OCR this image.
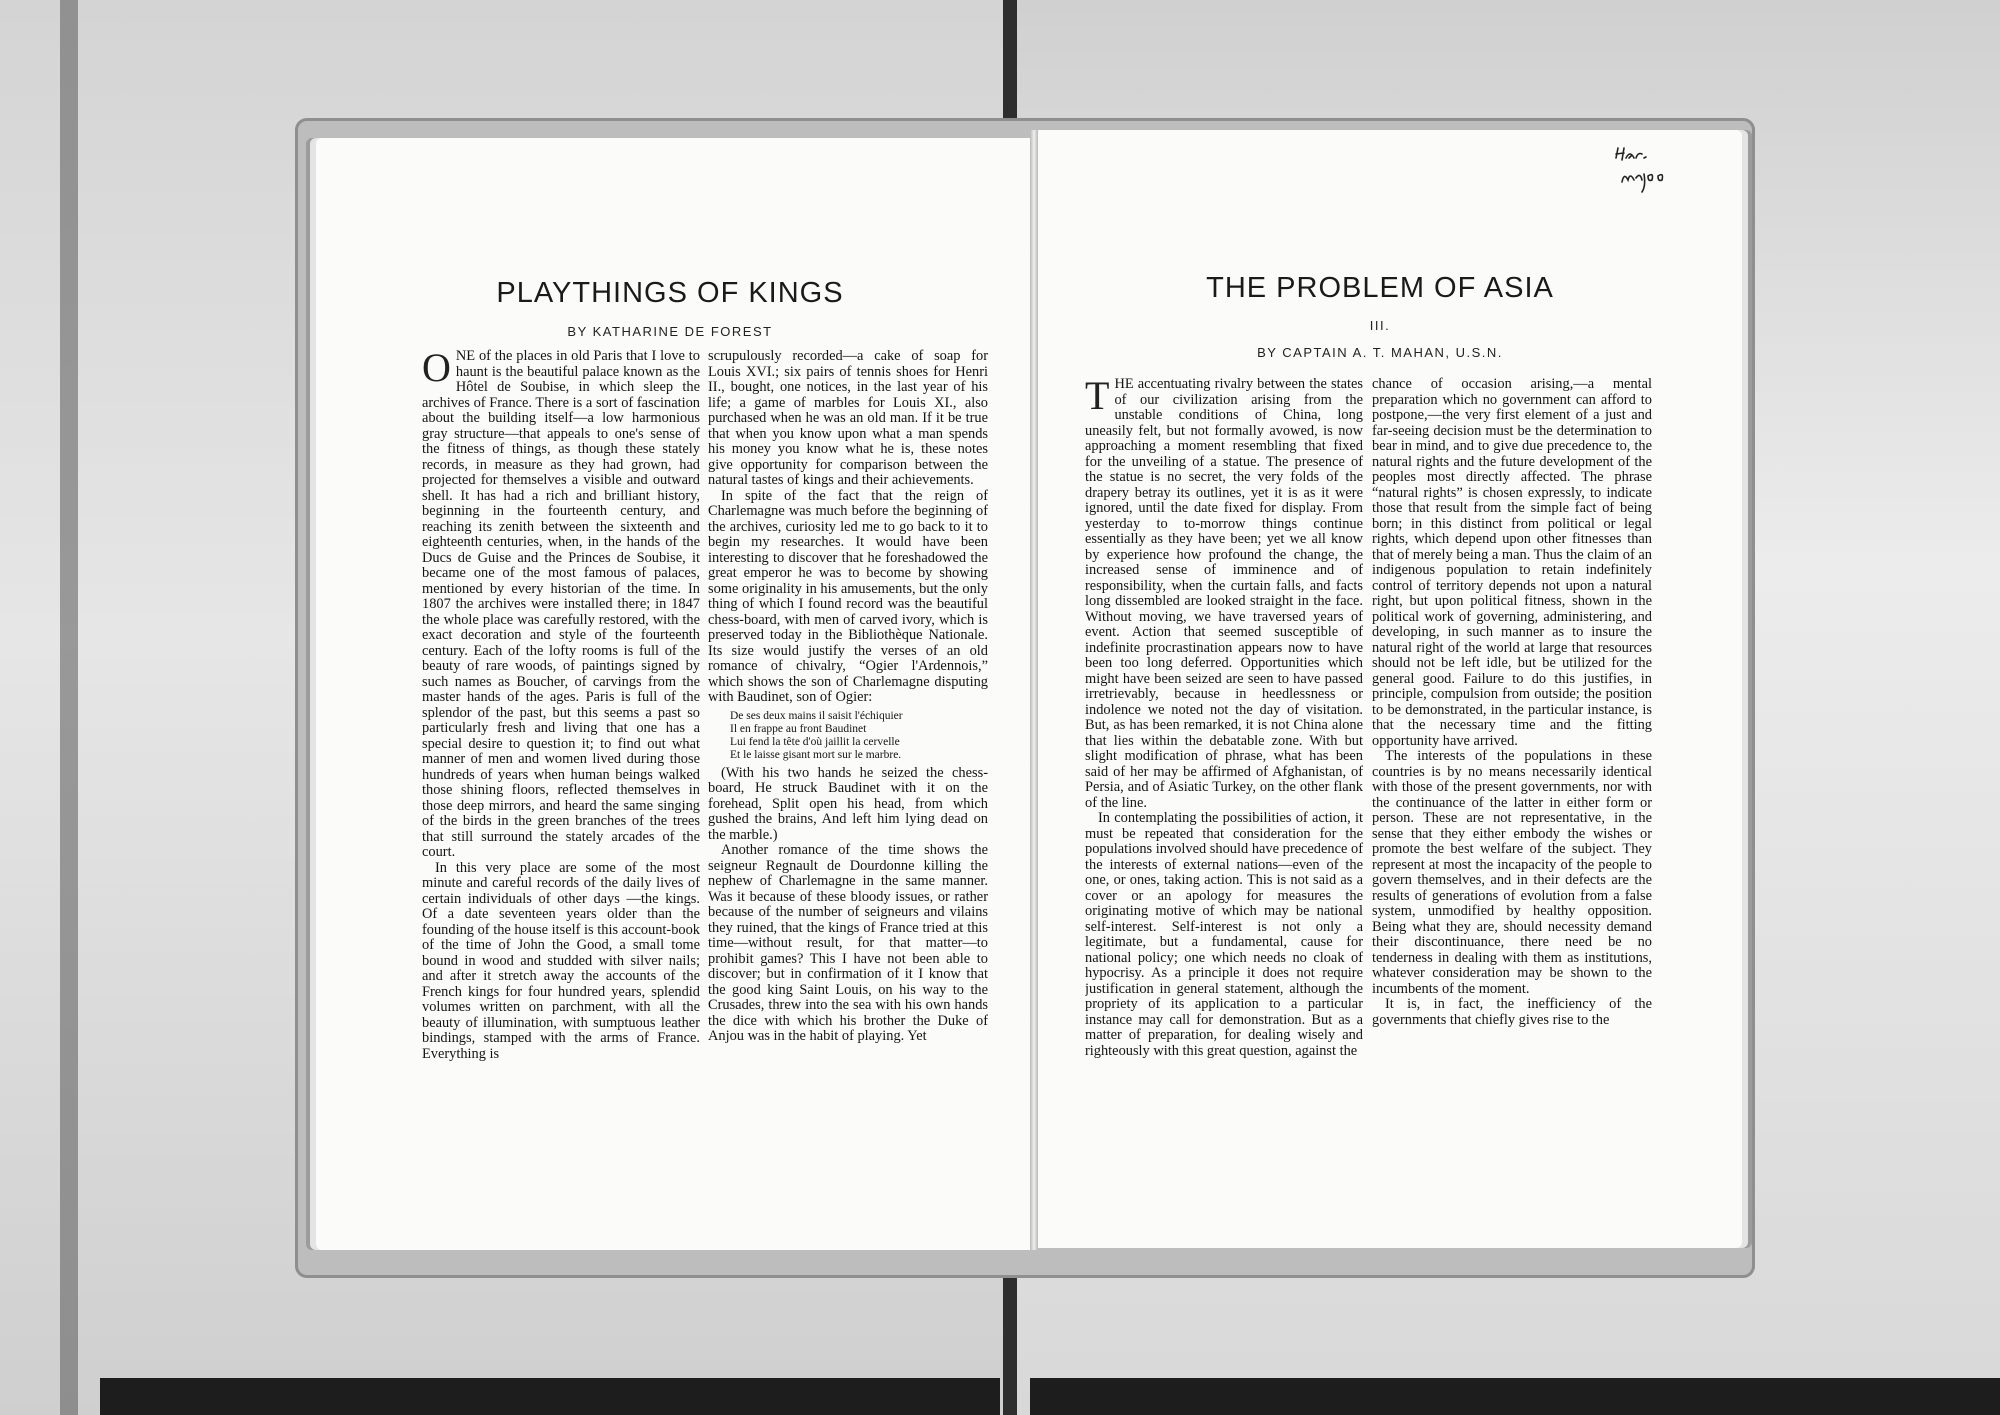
PLAYTHINGS OF KINGS
BY KATHARINE DE FOREST

ONE of the places in old Paris that I love to haunt is the beautiful palace known as the Hôtel de Soubise, in which sleep the archives of France. There is a sort of fascination about the building itself—a low harmonious gray structure—that appeals to one's sense of the fitness of things, as though these stately records, in measure as they had grown, had projected for themselves a visible and outward shell. It has had a rich and brilliant history, beginning in the fourteenth century, and reaching its zenith between the sixteenth and eighteenth centuries, when, in the hands of the Ducs de Guise and the Princes de Soubise, it became one of the most famous of palaces, mentioned by every historian of the time. In 1807 the archives were installed there; in 1847 the whole place was carefully restored, with the exact decoration and style of the fourteenth century. Each of the lofty rooms is full of the beauty of rare woods, of paintings signed by such names as Boucher, of carvings from the master hands of the ages. Paris is full of the splendor of the past, but this seems a past so particularly fresh and living that one has a special desire to question it; to find out what manner of men and women lived during those hundreds of years when human beings walked those shining floors, reflected themselves in those deep mirrors, and heard the same singing of the birds in the green branches of the trees that still surround the stately arcades of the court.

In this very place are some of the most minute and careful records of the daily lives of certain individuals of other days —the kings. Of a date seventeen years older than the founding of the house itself is this account-book of the time of John the Good, a small tome bound in wood and studded with silver nails; and after it stretch away the accounts of the French kings for four hundred years, splendid volumes written on parchment, with all the beauty of illumination, with sumptuous leather bindings, stamped with the arms of France. Everything is

scrupulously recorded—a cake of soap for Louis XVI.; six pairs of tennis shoes for Henri II., bought, one notices, in the last year of his life; a game of marbles for Louis XI., also purchased when he was an old man. If it be true that when you know upon what a man spends his money you know what he is, these notes give opportunity for comparison between the natural tastes of kings and their achievements.

In spite of the fact that the reign of Charlemagne was much before the beginning of the archives, curiosity led me to go back to it to begin my researches. It would have been interesting to discover that he foreshadowed the great emperor he was to become by showing some originality in his amusements, but the only thing of which I found record was the beautiful chess-board, with men of carved ivory, which is preserved today in the Bibliothèque Nationale. Its size would justify the verses of an old romance of chivalry, “Ogier l'Ardennois,” which shows the son of Charlemagne disputing with Baudinet, son of Ogier:

De ses deux mains il saisit l'échiquier
Il en frappe au front Baudinet
Lui fend la tête d'où jaillit la cervelle
Et le laisse gisant mort sur le marbre.

(With his two hands he seized the chess-board, He struck Baudinet with it on the forehead, Split open his head, from which gushed the brains, And left him lying dead on the marble.)

Another romance of the time shows the seigneur Regnault de Dourdonne killing the nephew of Charlemagne in the same manner. Was it because of these bloody issues, or rather because of the number of seigneurs and vilains they ruined, that the kings of France tried at this time—without result, for that matter—to prohibit games? This I have not been able to discover; but in confirmation of it I know that the good king Saint Louis, on his way to the Crusades, threw into the sea with his own hands the dice with which his brother the Duke of Anjou was in the habit of playing. Yet

THE PROBLEM OF ASIA
III.
BY CAPTAIN A. T. MAHAN, U.S.N.

THE accentuating rivalry between the states of our civilization arising from the unstable conditions of China, long uneasily felt, but not formally avowed, is now approaching a moment resembling that fixed for the unveiling of a statue. The presence of the statue is no secret, the very folds of the drapery betray its outlines, yet it is as it were ignored, until the date fixed for display. From yesterday to to-morrow things continue essentially as they have been; yet we all know by experience how profound the change, the increased sense of imminence and of responsibility, when the curtain falls, and facts long dissembled are looked straight in the face. Without moving, we have traversed years of event. Action that seemed susceptible of indefinite procrastination appears now to have been too long deferred. Opportunities which might have been seized are seen to have passed irretrievably, because in heedlessness or indolence we noted not the day of visitation. But, as has been remarked, it is not China alone that lies within the debatable zone. With but slight modification of phrase, what has been said of her may be affirmed of Afghanistan, of Persia, and of Asiatic Turkey, on the other flank of the line.

In contemplating the possibilities of action, it must be repeated that consideration for the populations involved should have precedence of the interests of external nations—even of the one, or ones, taking action. This is not said as a cover or an apology for measures the originating motive of which may be national self-interest. Self-interest is not only a legitimate, but a fundamental, cause for national policy; one which needs no cloak of hypocrisy. As a principle it does not require justification in general statement, although the propriety of its application to a particular instance may call for demonstration. But as a matter of preparation, for dealing wisely and righteously with this great question, against the

chance of occasion arising,—a mental preparation which no government can afford to postpone,—the very first element of a just and far-seeing decision must be the determination to bear in mind, and to give due precedence to, the natural rights and the future development of the peoples most directly affected. The phrase “natural rights” is chosen expressly, to indicate those that result from the simple fact of being born; in this distinct from political or legal rights, which depend upon other fitnesses than that of merely being a man. Thus the claim of an indigenous population to retain indefinitely control of territory depends not upon a natural right, but upon political fitness, shown in the political work of governing, administering, and developing, in such manner as to insure the natural right of the world at large that resources should not be left idle, but be utilized for the general good. Failure to do this justifies, in principle, compulsion from outside; the position to be demonstrated, in the particular instance, is that the necessary time and the fitting opportunity have arrived.

The interests of the populations in these countries is by no means necessarily identical with those of the present governments, nor with the continuance of the latter in either form or person. These are not representative, in the sense that they either embody the wishes or promote the best welfare of the subject. They represent at most the incapacity of the people to govern themselves, and in their defects are the results of generations of evolution from a false system, unmodified by healthy opposition. Being what they are, should necessity demand their discontinuance, there need be no tenderness in dealing with them as institutions, whatever consideration may be shown to the incumbents of the moment.

It is, in fact, the inefficiency of the governments that chiefly gives rise to the
